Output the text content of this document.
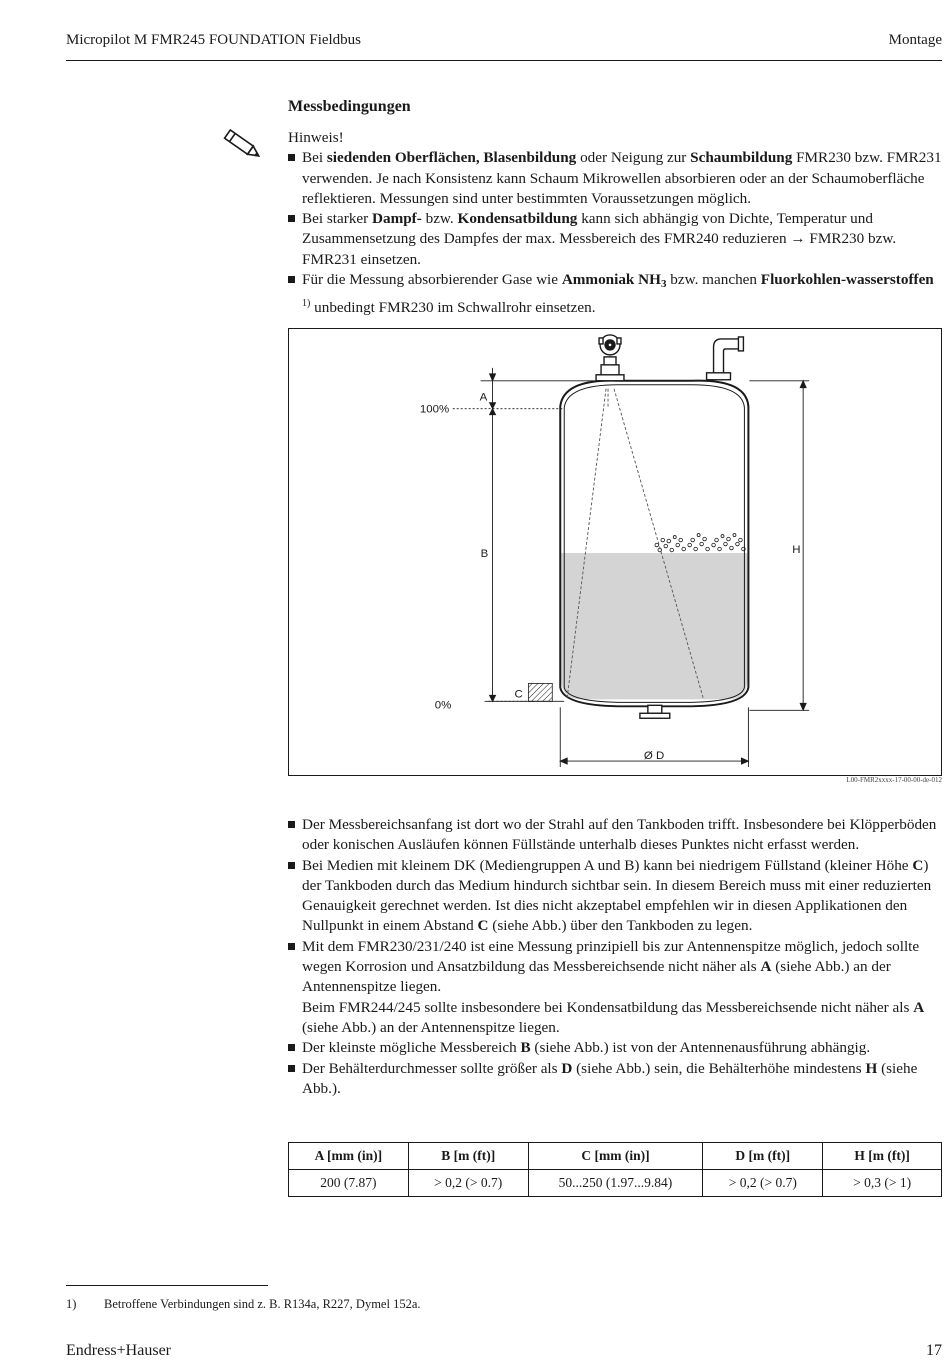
Micropilot M FMR245 FOUNDATION Fieldbus	Montage
Messbedingungen
Hinweis!
Bei siedenden Oberflächen, Blasenbildung oder Neigung zur Schaumbildung FMR230 bzw. FMR231 verwenden. Je nach Konsistenz kann Schaum Mikrowellen absorbieren oder an der Schaumoberfläche reflektieren. Messungen sind unter bestimmten Voraussetzungen möglich.
Bei starker Dampf- bzw. Kondensatbildung kann sich abhängig von Dichte, Temperatur und Zusammensetzung des Dampfes der max. Messbereich des FMR240 reduzieren → FMR230 bzw. FMR231 einsetzen.
Für die Messung absorbierender Gase wie Ammoniak $NH_3$ bzw. manchen Fluorkohlen-wasserstoffen $^{1)}$ unbedingt FMR230 im Schwallrohr einsetzen.
A
B
C
H
Ø D
100%
0%
L00-FMR2xxxx-17-00-00-de-012
Der Messbereichsanfang ist dort wo der Strahl auf den Tankboden trifft. Insbesondere bei Klöpperböden oder konischen Ausläufen können Füllstände unterhalb dieses Punktes nicht erfasst werden.
Bei Medien mit kleinem DK (Mediengruppen A und B) kann bei niedrigem Füllstand (kleiner Höhe C) der Tankboden durch das Medium hindurch sichtbar sein. In diesem Bereich muss mit einer reduzierten Genauigkeit gerechnet werden. Ist dies nicht akzeptabel empfehlen wir in diesen Applikationen den Nullpunkt in einem Abstand C (siehe Abb.) über den Tankboden zu legen.
Mit dem FMR230/231/240 ist eine Messung prinzipiell bis zur Antennenspitze möglich, jedoch sollte wegen Korrosion und Ansatzbildung das Messbereichsende nicht näher als A (siehe Abb.) an der Antennenspitze liegen.
Beim FMR244/245 sollte insbesondere bei Kondensatbildung das Messbereichsende nicht näher als A (siehe Abb.) an der Antennenspitze liegen.
Der kleinste mögliche Messbereich B (siehe Abb.) ist von der Antennenausführung abhängig.
Der Behälterdurchmesser sollte größer als D (siehe Abb.) sein, die Behälterhöhe mindestens H (siehe Abb.).
A [mm (in)]	B [m (ft)]	C [mm (in)]	D [m (ft)]	H [m (ft)]
200 (7.87)	> 0,2 (> 0.7)	50...250 (1.97...9.84)	> 0,2 (> 0.7)	> 0,3 (> 1)
1) Betroffene Verbindungen sind z. B. R134a, R227, Dymel 152a.
Endress+Hauser	17
